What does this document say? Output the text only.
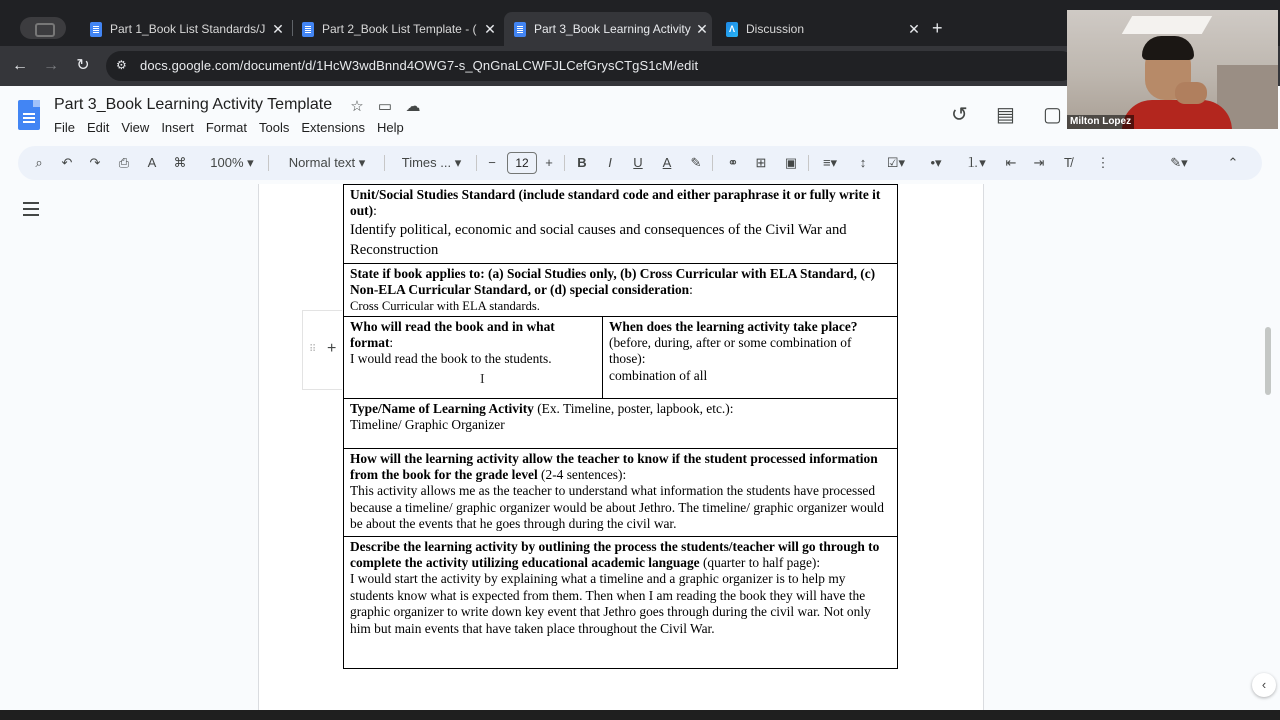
Part 1_Book List Standards/J ✕	Part 2_Book List Template - ( ✕	Part 3_Book Learning Activity ✕	Λ Discussion	✕ +
← → ↻	⚙ docs.google.com/document/d/1HcW3wdBnnd4OWG7-s_QnGnaLCWFJLCefGrysCTgS1cM/edit
Part 3_Book Learning Activity Template ☆ ▭ ☁
File Edit View Insert Format Tools Extensions Help
↺ ▤ ▢
⌕	↶ ↷ ⎙	A	⌘	100% ▾	Normal text ▾	Times ... ▾	−	12	+	B	I	U A ✎ ⚭ ⊞ ▣	≡▾	↕	☑▾	•▾	⒈▾	⇤ ⇥	T̸	⋮	✎▾	⌃
⠿ +
Unit/Social Studies Standard (include standard code and either paraphrase it or fully write it out):
Identify political, economic and social causes and consequences of the Civil War and Reconstruction

State if book applies to: (a) Social Studies only, (b) Cross Curricular with ELA Standard, (c) Non-ELA Curricular Standard, or (d) special consideration:
Cross Curricular with ELA standards.

Who will read the book and in what format:
I would read the book to the students.

When does the learning activity take place?
(before, during, after or some combination of those):
combination of all

Type/Name of Learning Activity (Ex. Timeline, poster, lapbook, etc.):
Timeline/ Graphic Organizer

How will the learning activity allow the teacher to know if the student processed information from the book for the grade level (2-4 sentences):
This activity allows me as the teacher to understand what information the students have processed because a timeline/ graphic organizer would be about Jethro. The timeline/ graphic organizer would be about the events that he goes through during the civil war.

Describe the learning activity by outlining the process the students/teacher will go through to complete the activity utilizing educational academic language (quarter to half page):
I would start the activity by explaining what a timeline and a graphic organizer is to help my students know what is expected from them. Then when I am reading the book they will have the graphic organizer to write down key event that Jethro goes through during the civil war. Not only him but main events that have taken place throughout the Civil War.
I
‹
Milton Lopez
